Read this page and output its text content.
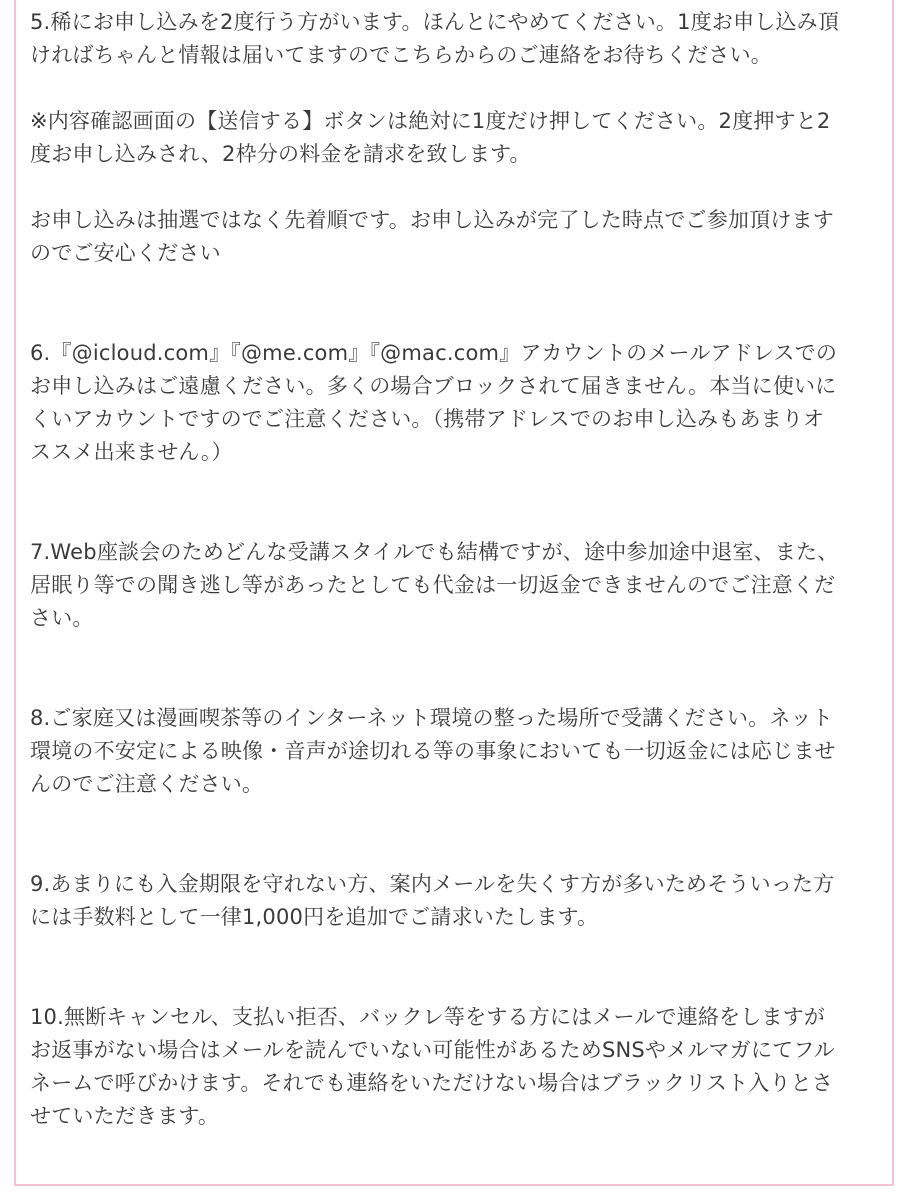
5.稀にお申し込みを2度行う方がいます。ほんとにやめてください。1度お申し込み頂
ければちゃんと情報は届いてますのでこちらからのご連絡をお待ちください。
※内容確認画面の【送信する】ボタンは絶対に1度だけ押してください。2度押すと2
度お申し込みされ、2枠分の料金を請求を致します。
お申し込みは抽選ではなく先着順です。お申し込みが完了した時点でご参加頂けます
のでご安心ください
6.『@icloud.com』『@me.com』『@mac.com』アカウントのメールアドレスでの
お申し込みはご遠慮ください。多くの場合ブロックされて届きません。本当に使いに
くいアカウントですのでご注意ください。（携帯アドレスでのお申し込みもあまりオ
ススメ出来ません。）
7.Web座談会のためどんな受講スタイルでも結構ですが、途中参加途中退室、また、
居眠り等での聞き逃し等があったとしても代金は一切返金できませんのでご注意くだ
さい。
8.ご家庭又は漫画喫茶等のインターネット環境の整った場所で受講ください。ネット
環境の不安定による映像・音声が途切れる等の事象においても一切返金には応じませ
んのでご注意ください。
9.あまりにも入金期限を守れない方、案内メールを失くす方が多いためそういった方
には手数料として一律1,000円を追加でご請求いたします。
10.無断キャンセル、支払い拒否、バックレ等をする方にはメールで連絡をしますが
お返事がない場合はメールを読んでいない可能性があるためSNSやメルマガにてフル
ネームで呼びかけます。それでも連絡をいただけない場合はブラックリスト入りとさ
せていただきます。
